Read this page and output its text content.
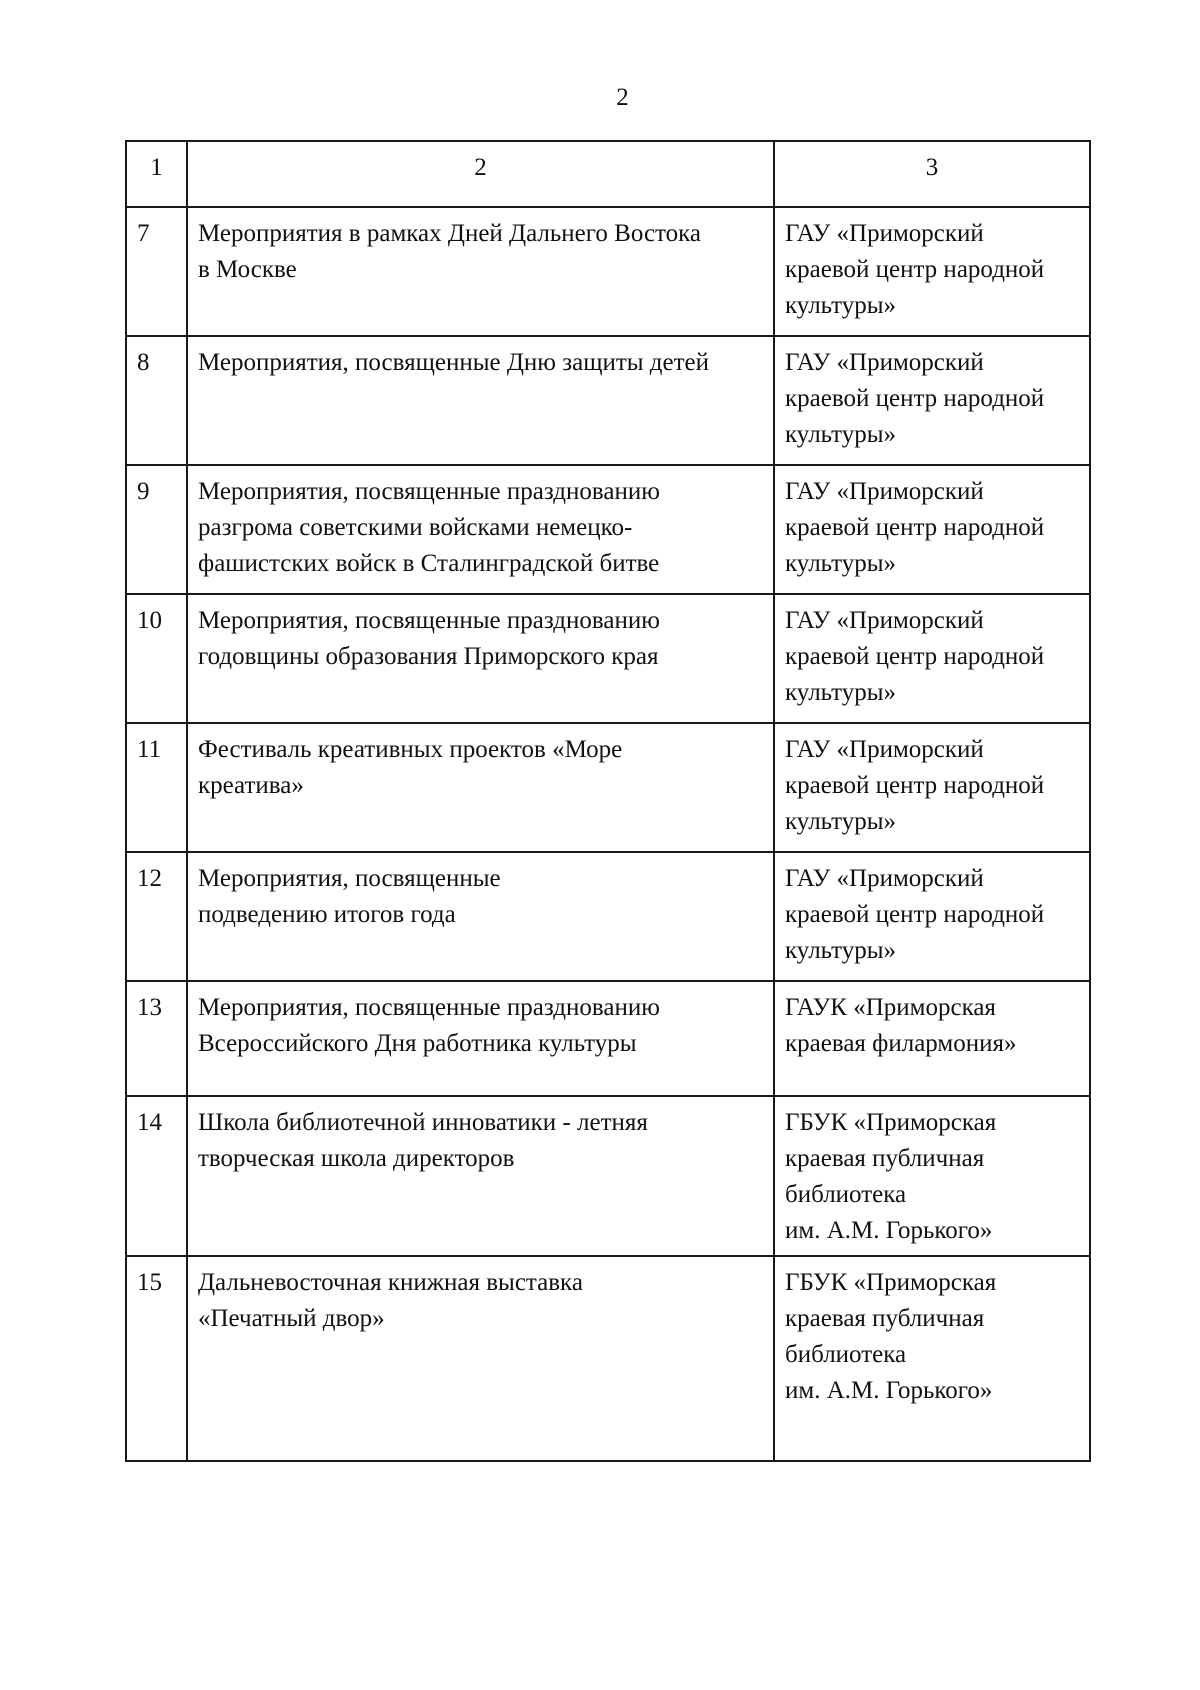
2
1	2	3
7	Мероприятия в рамках Дней Дальнего Востока
в Москве	ГАУ «Приморский
краевой центр народной
культуры»

8	Мероприятия, посвященные Дню защиты детей	ГАУ «Приморский
краевой центр народной
культуры»

9	Мероприятия, посвященные празднованию
разгрома советскими войсками немецко-
фашистских войск в Сталинградской битве	ГАУ «Приморский
краевой центр народной
культуры»

10	Мероприятия, посвященные празднованию
годовщины образования Приморского края	ГАУ «Приморский
краевой центр народной
культуры»

11	Фестиваль креативных проектов «Море
креатива»	ГАУ «Приморский
краевой центр народной
культуры»

12	Мероприятия, посвященные
подведению итогов года	ГАУ «Приморский
краевой центр народной
культуры»

13	Мероприятия, посвященные празднованию
Всероссийского Дня работника культуры	ГАУК «Приморская
краевая филармония»

14	Школа библиотечной инноватики - летняя
творческая школа директоров	ГБУК «Приморская
краевая публичная
библиотека
им. А.М. Горького»

15	Дальневосточная книжная выставка
«Печатный двор»	ГБУК «Приморская
краевая публичная
библиотека
им. А.М. Горького»
